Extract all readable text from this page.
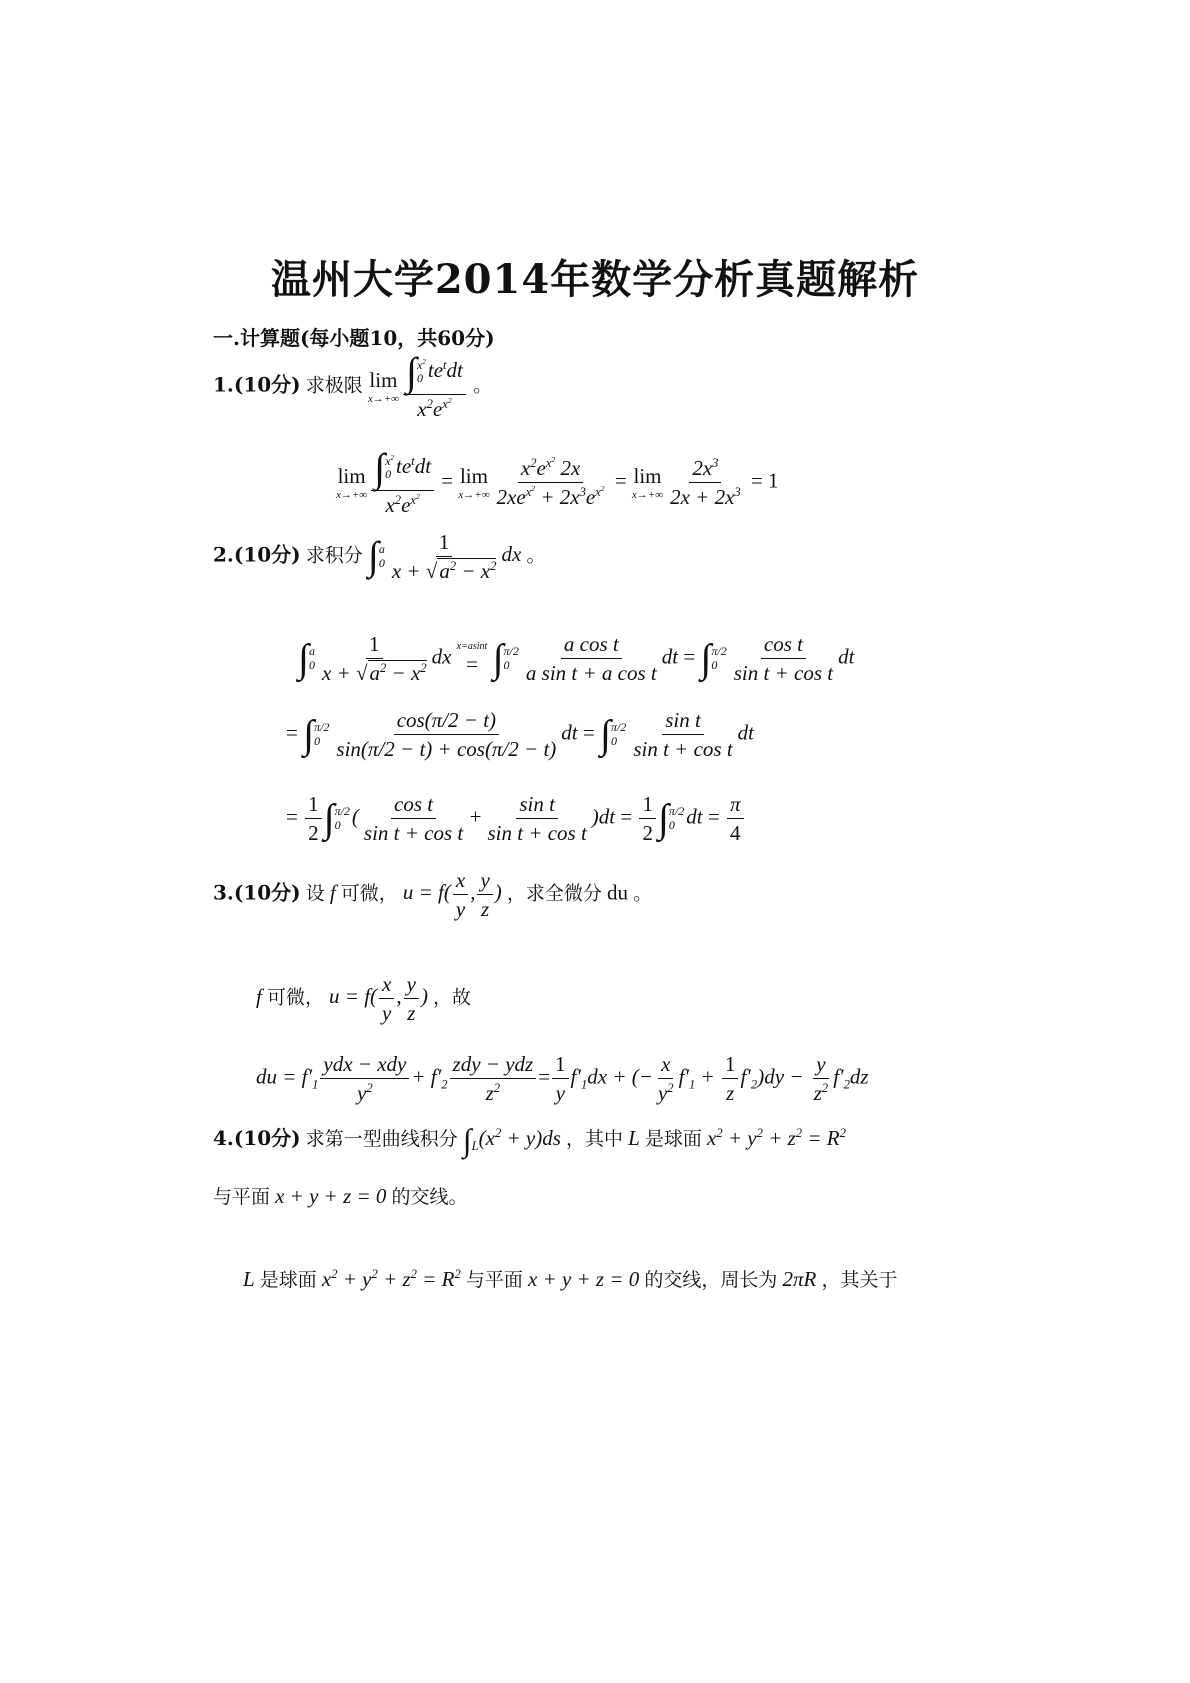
温州大学2014年数学分析真题解析
一.计算题(每小题10，共60分)
1.(10分) 求极限 lim
x→+∞ ∫ $x^2$
0 $te^tdt$
$x^2e^{x^2}$ 。
lim
x→+∞ ∫ $x^2$
0 $te^tdt$
$x^2e^{x^2} = \lim$
$x\to+\infty \frac{x^2e^{x^2} 2x}{2xe^{x^2} + 2x^3e^{x^2}} = \lim$
$x\to+\infty \frac{2x^3}{2x + 2x^3} = 1$
2.(10分) 求积分 ∫ a
$0 \frac{1}{x + √a^2 - x^2}$ dx 。
∫ a
$0 \frac{1}{x + √a^2 - x^2}$ dx x=asint
= ∫ π/2
$0 \frac{\text{a cos t}}{\text{a sin t + a cos t}}$ dt = ∫ π/2
$0 \frac{\text{cos t}}{\text{sin t + cos t}}$ dt
= ∫ π/2
$0 \frac{\cos(\pi/2 - t)}{\sin(\pi/2 - t) + \cos(\pi/2 - t)}$ dt = ∫ π/2
$0 \frac{\text{sin t}}{\text{sin t + cos t}}$ dt
= $\frac{1}{2}$ ∫ π/2
0 ( $\frac{\text{cos t}}{\text{sin t + cos t}} + \frac{\text{sin t}}{\text{sin t + cos t}} )dt = \frac{1}{2}$ ∫ π/2
0 dt = $\frac{\pi}{4}$
3.(10分) 设 f 可微， $u = f( \frac{x}{y}$ , $\frac{y}{z}$ ) ，求全微分 du 。
f 可微， $u = f( \frac{x}{y}$ , $\frac{y}{z}$ ) ，故
du = $f'_1 \frac{\text{ydx − xdy}}{y^2} + f'_2 \frac{\text{zdy − ydz}}{z^2} = \frac{1}{y} f'_1dx$ + (− $\frac{x}{y^2} f'_1 + \frac{1}{z} f'_2)dy - \frac{y}{z^2} f'_2dz$
4.(10分) 求第一型曲线积分 $\int_L(x^2 + y)ds$ ，其中 L 是球面 $x^2 + y^2 + z^2 = R^2$
与平面 x + y + z = 0 的交线。
L 是球面 $x^2 + y^2 + z^2 = R^2$ 与平面 x + y + z = 0 的交线，周长为 2πR ，其关于
